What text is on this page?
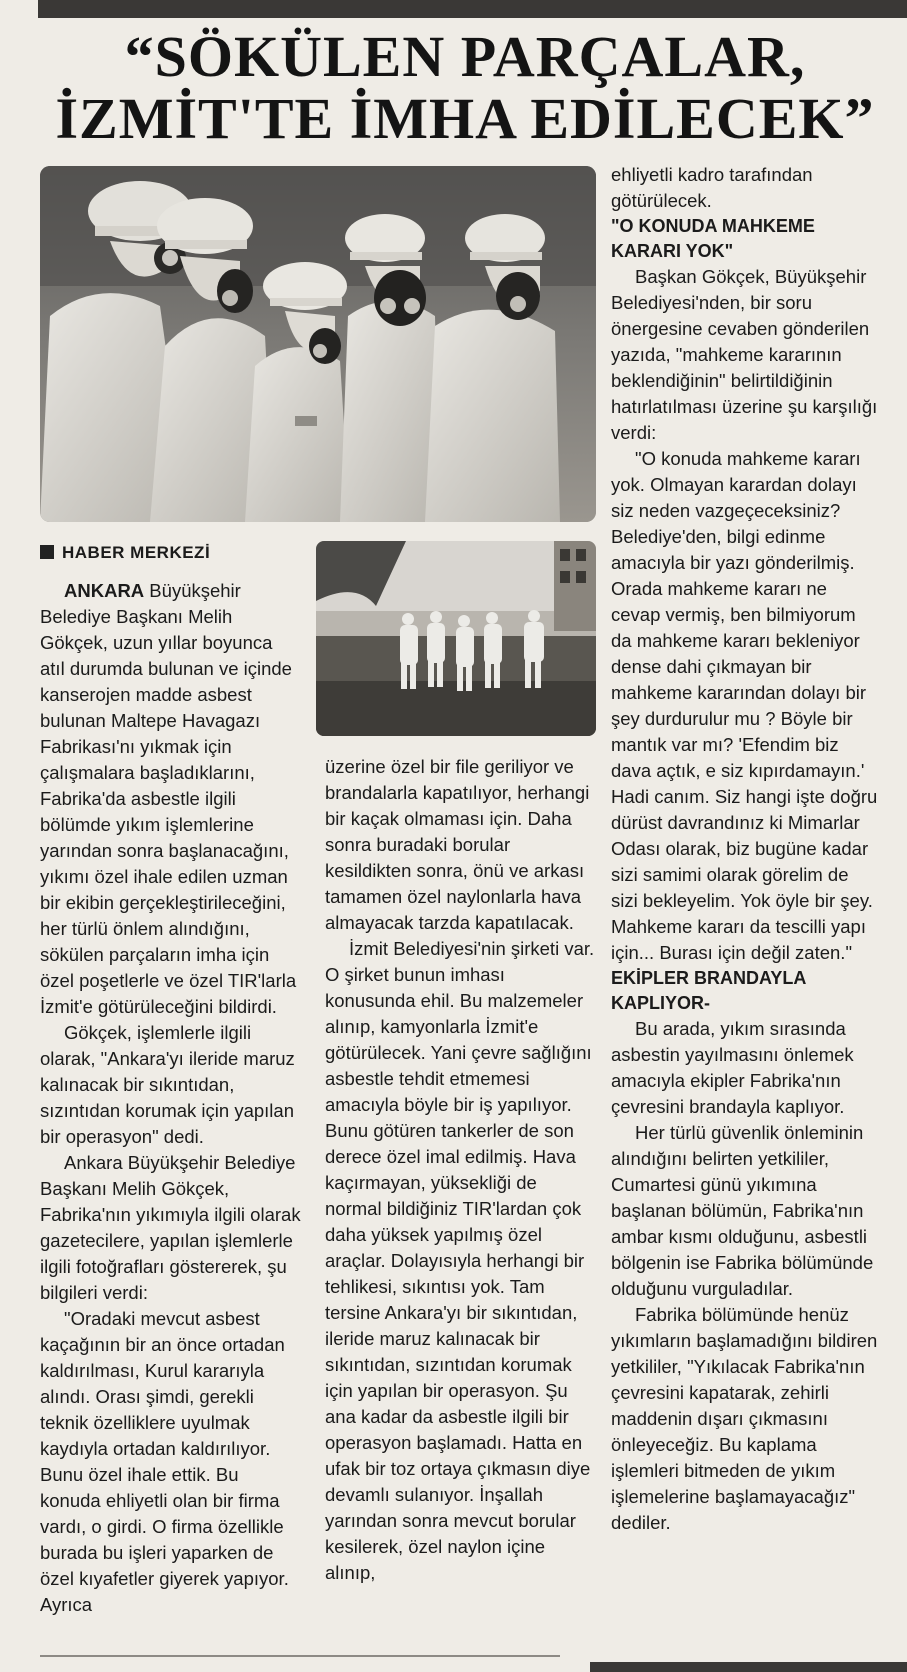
“SÖKÜLEN PARÇALAR,
İZMİT'TE İMHA EDİLECEK”
HABER MERKEZİ

ANKARA Büyükşehir Belediye Başkanı Melih Gökçek, uzun yıllar boyunca atıl durumda bulunan ve içinde kanserojen madde asbest bulunan Maltepe Havagazı Fabrikası'nı yıkmak için çalışmalara başladıklarını, Fabrika'da asbestle ilgili bölümde yıkım işlemlerine yarından sonra başlanacağını, yıkımı özel ihale edilen uzman bir ekibin gerçekleştirileceğini, her türlü önlem alındığını, sökülen parçaların imha için özel poşetlerle ve özel TIR'larla İzmit'e götürüleceğini bildirdi.

Gökçek, işlemlerle ilgili olarak, "Ankara'yı ileride maruz kalınacak bir sıkıntıdan, sızıntıdan korumak için yapılan bir operasyon" dedi.

Ankara Büyükşehir Belediye Başkanı Melih Gökçek, Fabrika'nın yıkımıyla ilgili olarak gazetecilere, yapılan işlemlerle ilgili fotoğrafları göstererek, şu bilgileri verdi:

"Oradaki mevcut asbest kaçağının bir an önce ortadan kaldırılması, Kurul kararıyla alındı. Orası şimdi, gerekli teknik özelliklere uyulmak kaydıyla ortadan kaldırılıyor. Bunu özel ihale ettik. Bu konuda ehliyetli olan bir firma vardı, o girdi. O firma özellikle burada bu işleri yaparken de özel kıyafetler giyerek yapıyor. Ayrıca

üzerine özel bir file geriliyor ve brandalarla kapatılıyor, herhangi bir kaçak olmaması için. Daha sonra buradaki borular kesildikten sonra, önü ve arkası tamamen özel naylonlarla hava almayacak tarzda kapatılacak.

İzmit Belediyesi'nin şirketi var. O şirket bunun imhası konusunda ehil. Bu malzemeler alınıp, kamyonlarla İzmit'e götürülecek. Yani çevre sağlığını asbestle tehdit etmemesi amacıyla böyle bir iş yapılıyor. Bunu götüren tankerler de son derece özel imal edilmiş. Hava kaçırmayan, yüksekliği de normal bildiğiniz TIR'lardan çok daha yüksek yapılmış özel araçlar. Dolayısıyla herhangi bir tehlikesi, sıkıntısı yok. Tam tersine Ankara'yı bir sıkıntıdan, ileride maruz kalınacak bir sıkıntıdan, sızıntıdan korumak için yapılan bir operasyon. Şu ana kadar da asbestle ilgili bir operasyon başlamadı. Hatta en ufak bir toz ortaya çıkmasın diye devamlı sulanıyor. İnşallah yarından sonra mevcut borular kesilerek, özel naylon içine alınıp,

ehliyetli kadro tarafından götürülecek.

"O KONUDA MAHKEME KARARI YOK"

Başkan Gökçek, Büyükşehir Belediyesi'nden, bir soru önergesine cevaben gönderilen yazıda, "mahkeme kararının beklendiğinin" belirtildiğinin hatırlatılması üzerine şu karşılığı verdi:

"O konuda mahkeme kararı yok. Olmayan karardan dolayı siz neden vazgeçeceksiniz? Belediye'den, bilgi edinme amacıyla bir yazı gönderilmiş. Orada mahkeme kararı ne cevap vermiş, ben bilmiyorum da mahkeme kararı bekleniyor dense dahi çıkmayan bir mahkeme kararından dolayı bir şey durdurulur mu ? Böyle bir mantık var mı? 'Efendim biz dava açtık, e siz kıpırdamayın.' Hadi canım. Siz hangi işte doğru dürüst davrandınız ki Mimarlar Odası olarak, biz bugüne kadar sizi samimi olarak görelim de sizi bekleyelim. Yok öyle bir şey. Mahkeme kararı da tescilli yapı için... Burası için değil zaten."

EKİPLER BRANDAYLA KAPLIYOR-

Bu arada, yıkım sırasında asbestin yayılmasını önlemek amacıyla ekipler Fabrika'nın çevresini brandayla kaplıyor.

Her türlü güvenlik önleminin alındığını belirten yetkililer, Cumartesi günü yıkımına başlanan bölümün, Fabrika'nın ambar kısmı olduğunu, asbestli bölgenin ise Fabrika bölümünde olduğunu vurguladılar.

Fabrika bölümünde henüz yıkımların başlamadığını bildiren yetkililer, "Yıkılacak Fabrika'nın çevresini kapatarak, zehirli maddenin dışarı çıkmasını önleyeceğiz. Bu kaplama işlemleri bitmeden de yıkım işlemelerine başlamayacağız" dediler.
